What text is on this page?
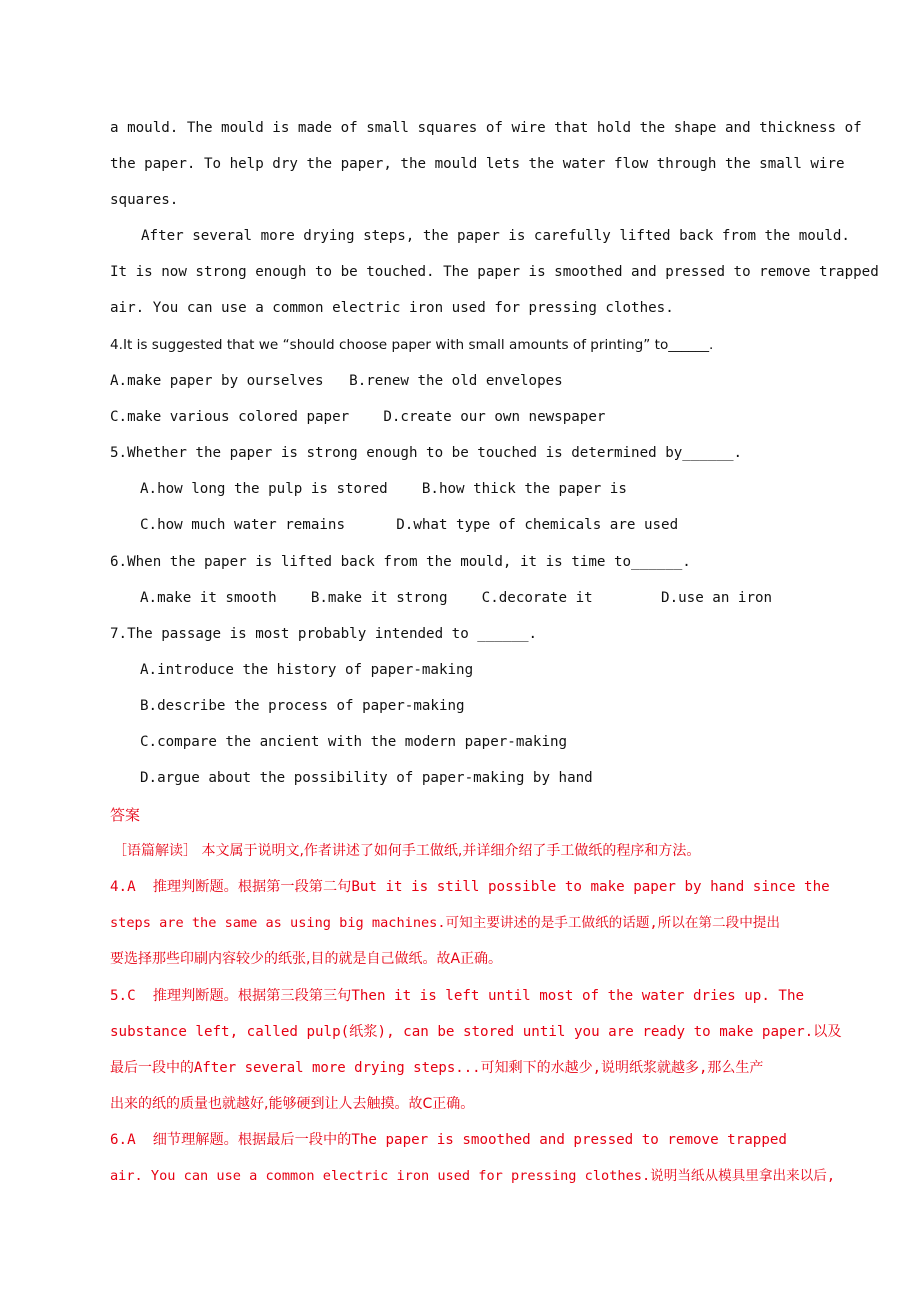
a mould. The mould is made of small squares of wire that hold the shape and thickness of
the paper. To help dry the paper, the mould lets the water flow through the small wire
squares.
After several more drying steps, the paper is carefully lifted back from the mould.
It is now strong enough to be touched. The paper is smoothed and pressed to remove trapped
air. You can use a common electric iron used for pressing clothes.
4.It is suggested that we “should choose paper with small amounts of printing” to______.
A.make paper by ourselves   B.renew the old envelopes
C.make various colored paper    D.create our own newspaper
5.Whether the paper is strong enough to be touched is determined by______.
A.how long the pulp is stored    B.how thick the paper is
C.how much water remains      D.what type of chemicals are used
6.When the paper is lifted back from the mould, it is time to______.
A.make it smooth    B.make it strong    C.decorate it        D.use an iron
7.The passage is most probably intended to ______.
A.introduce the history of paper-making
B.describe the process of paper-making
C.compare the ancient with the modern paper-making
D.argue about the possibility of paper-making by hand
答案
［语篇解读］ 本文属于说明文,作者讲述了如何手工做纸,并详细介绍了手工做纸的程序和方法。
4.A  推理判断题。根据第一段第二句But it is still possible to make paper by hand since the
steps are the same as using big machines.可知主要讲述的是手工做纸的话题,所以在第二段中提出
要选择那些印刷内容较少的纸张,目的就是自己做纸。故A正确。
5.C  推理判断题。根据第三段第三句Then it is left until most of the water dries up. The
substance left, called pulp(纸浆), can be stored until you are ready to make paper.以及
最后一段中的After several more drying steps...可知剩下的水越少,说明纸浆就越多,那么生产
出来的纸的质量也就越好,能够硬到让人去触摸。故C正确。
6.A  细节理解题。根据最后一段中的The paper is smoothed and pressed to remove trapped
air. You can use a common electric iron used for pressing clothes.说明当纸从模具里拿出来以后,
